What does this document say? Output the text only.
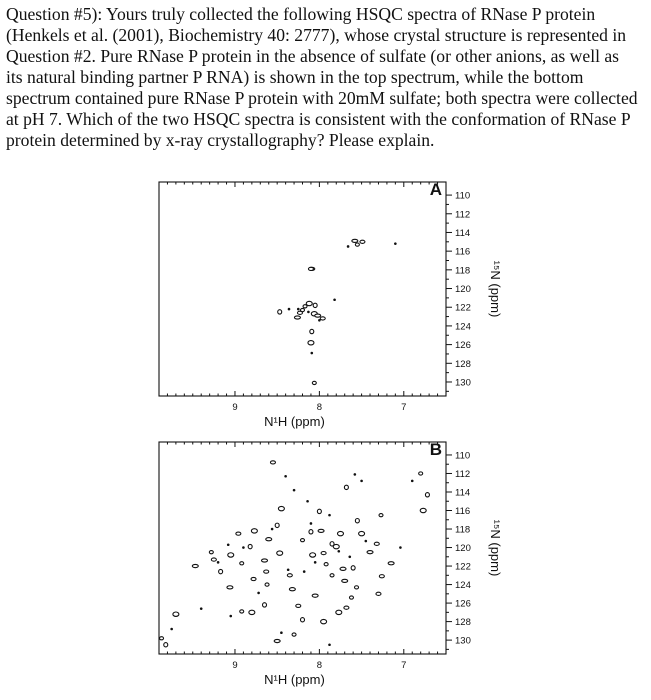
Question #5): Yours truly collected the following HSQC spectra of RNase P protein
(Henkels et al. (2001), Biochemistry 40: 2777), whose crystal structure is represented in
Question #2. Pure RNase P protein in the absence of sulfate (or other anions, as well as
its natural binding partner P RNA) is shown in the top spectrum, while the bottom
spectrum contained pure RNase P protein with 20mM sulfate; both spectra were collected
at pH 7. Which of the two HSQC spectra is consistent with the conformation of RNase P
protein determined by x-ray crystallography? Please explain.
9	8	7
110
112
114
116
118
120
122
124
126
128
130
N¹H (ppm)
¹⁵N (ppm)
A
9	8	7
110
112
114
116
118
120
122
124
126
128
130
N¹H (ppm)
¹⁵N (ppm)
B
